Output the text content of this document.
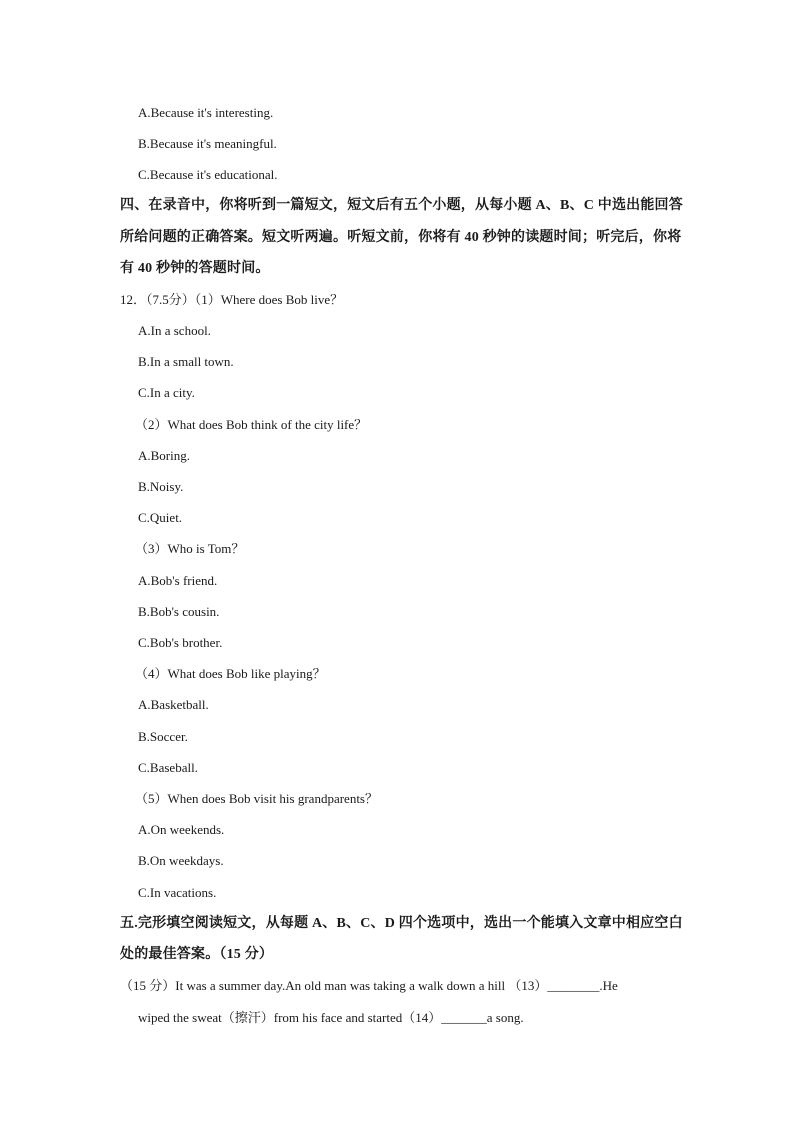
A.Because it's interesting.
B.Because it's meaningful.
C.Because it's educational.
四、在录音中，你将听到一篇短文，短文后有五个小题，从每小题 A、B、C 中选出能回答
所给问题的正确答案。短文听两遍。听短文前，你将有 40 秒钟的读题时间；听完后，你将
有 40 秒钟的答题时间。
12．（7.5分）（1）Where does Bob live？
A.In a school.
B.In a small town.
C.In a city.
（2）What does Bob think of the city life？
A.Boring.
B.Noisy.
C.Quiet.
（3）Who is Tom？
A.Bob's friend.
B.Bob's cousin.
C.Bob's brother.
（4）What does Bob like playing？
A.Basketball.
B.Soccer.
C.Baseball.
（5）When does Bob visit his grandparents？
A.On weekends.
B.On weekdays.
C.In vacations.
五.完形填空阅读短文，从每题 A、B、C、D 四个选项中，选出一个能填入文章中相应空白
处的最佳答案。（15 分）
（15 分）It was a summer day.An old man was taking a walk down a hill （13）________.He
wiped the sweat（擦汗）from his face and started（14）_______a song.
